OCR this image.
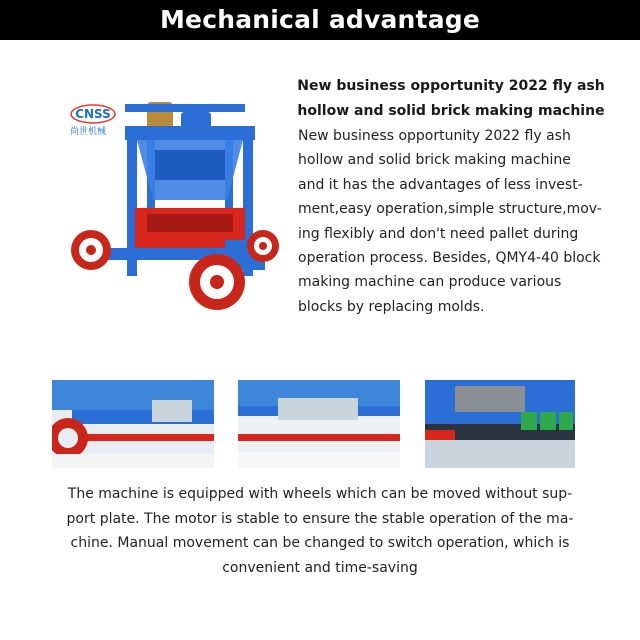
Mechanical advantage
CNSS
尚世机械
New business opportunity 2022 fly ash
hollow and solid brick making machine
New business opportunity 2022 fly ash
hollow and solid brick making machine
and it has the advantages of less invest-
ment,easy operation,simple structure,mov-
ing flexibly and don't need pallet during
operation process. Besides, QMY4-40 block
making machine can produce various
blocks by replacing molds.
The machine is equipped with wheels which can be moved without sup-
port plate. The motor is stable to ensure the stable operation of the ma-
chine. Manual movement can be changed to switch operation, which is
convenient and time-saving
